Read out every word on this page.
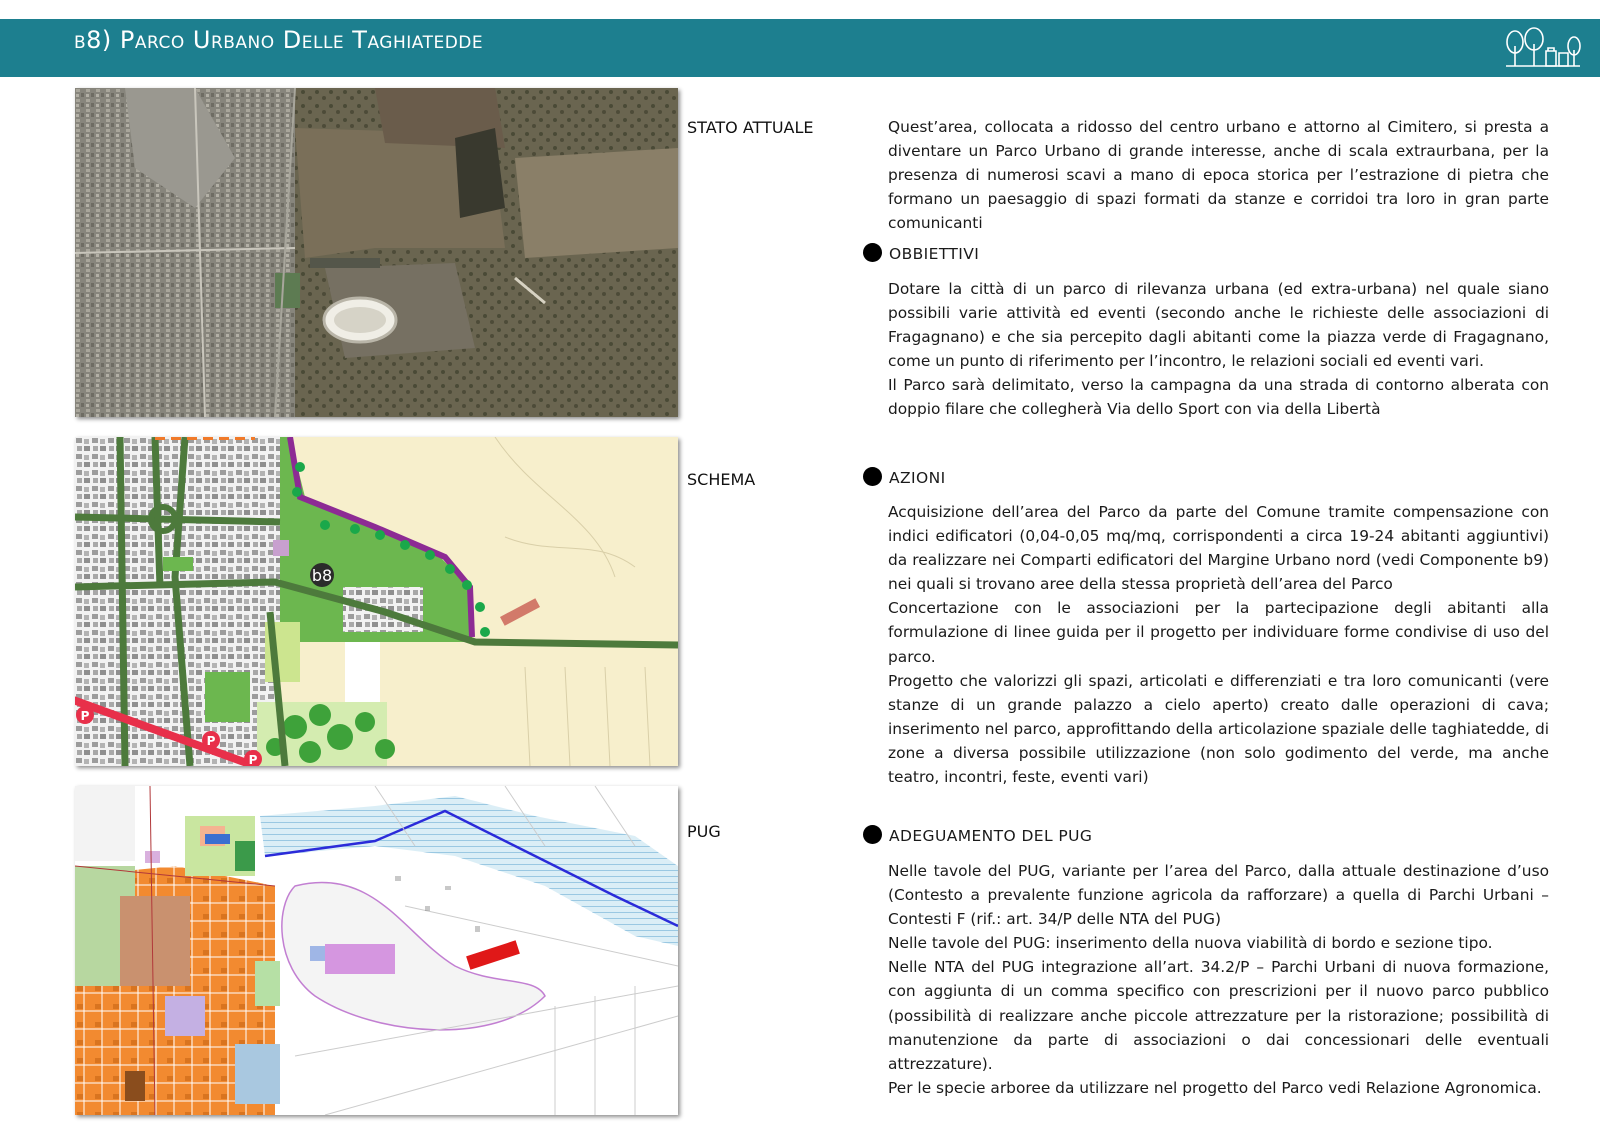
b8) Parco Urbano Delle Taghiatedde
b8
P
P
P
STATO ATTUALE
SCHEMA
PUG

Quest’area, collocata a ridosso del centro urbano e attorno al Cimitero, si presta a diventare un Parco Urbano di grande interesse, anche di scala extraurbana, per la presenza di numerosi scavi a mano di epoca storica per l’estrazione di pietra che formano un paesaggio di spazi formati da stanze e corridoi tra loro in gran parte comunicanti

OBBIETTIVI

Dotare la città di un parco di rilevanza urbana (ed extra-urbana) nel quale siano possibili varie attività ed eventi (secondo anche le richieste delle associazioni di Fragagnano) e che sia percepito dagli abitanti come la piazza verde di Fragagnano, come un punto di riferimento per l’incontro, le relazioni sociali ed eventi vari.

Il Parco sarà delimitato, verso la campagna da una strada di contorno alberata con doppio filare che collegherà Via dello Sport con via della Libertà

AZIONI

Acquisizione dell’area del Parco da parte del Comune tramite compensazione con indici edificatori (0,04-0,05 mq/mq, corrispondenti a circa 19-24 abitanti aggiuntivi) da realizzare nei Comparti edificatori del Margine Urbano nord (vedi Componente b9) nei quali si trovano aree della stessa proprietà dell’area del Parco

Concertazione con le associazioni per la partecipazione degli abitanti alla formulazione di linee guida per il progetto per individuare forme condivise di uso del parco.

Progetto che valorizzi gli spazi, articolati e differenziati e tra loro comunicanti (vere stanze di un grande palazzo a cielo aperto) creato dalle operazioni di cava; inserimento nel parco, approfittando della articolazione spaziale delle taghiatedde, di zone a diversa possibile utilizzazione (non solo godimento del verde, ma anche teatro, incontri, feste, eventi vari)

ADEGUAMENTO DEL PUG

Nelle tavole del PUG, variante per l’area del Parco, dalla attuale destinazione d’uso (Contesto a prevalente funzione agricola da rafforzare) a quella di Parchi Urbani – Contesti F (rif.: art. 34/P delle NTA del PUG)

Nelle tavole del PUG: inserimento della nuova viabilità di bordo e sezione tipo.

Nelle NTA del PUG integrazione all’art. 34.2/P – Parchi Urbani di nuova formazione, con aggiunta di un comma specifico con prescrizioni per il nuovo parco pubblico (possibilità di realizzare anche piccole attrezzature per la ristorazione; possibilità di manutenzione da parte di associazioni o dai concessionari delle eventuali attrezzature).

Per le specie arboree da utilizzare nel progetto del Parco vedi Relazione Agronomica.
